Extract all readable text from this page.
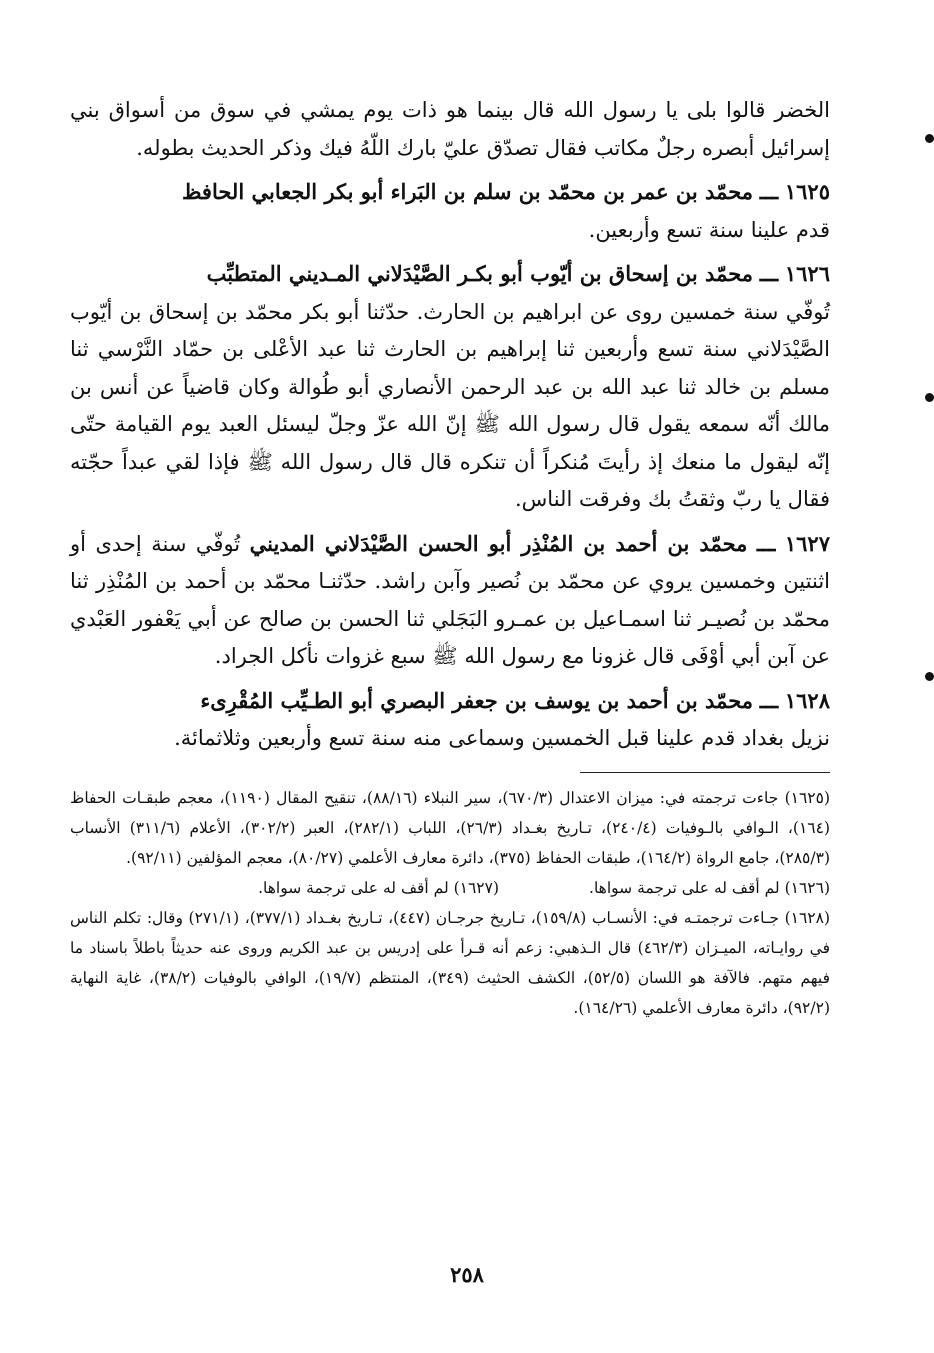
الخضر قالوا بلى يا رسول الله قال بينما هو ذات يوم يمشي في سوق من أسواق بني إسرائيل أبصره رجلٌ مكاتب فقال تصدّق عليّ بارك اللّهُ فيك وذكر الحديث بطوله.

١٦٢٥ ـــ محمّد بن عمر بن محمّد بن سلم بن البَراء أبو بكر الجعابي الحافظ
قدم علينا سنة تسع وأربعين.

١٦٢٦ ـــ محمّد بن إسحاق بن أيّوب أبو بكـر الصَّيْدَلاني المـديني المتطبِّب
تُوفّي سنة خمسين روى عن ابراهيم بن الحارث. حدّثنا أبو بكر محمّد بن إسحاق بن أيّوب الصَّيْدَلاني سنة تسع وأربعين ثنا إبراهيم بن الحارث ثنا عبد الأعْلى بن حمّاد النَّرْسي ثنا مسلم بن خالد ثنا عبد الله بن عبد الرحمن الأنصاري أبو طُوالة وكان قاضياً عن أنس بن مالك أنّه سمعه يقول قال رسول الله ﷺ إنّ الله عزّ وجلّ ليسئل العبد يوم القيامة حتّى إنّه ليقول ما منعك إذ رأيتَ مُنكراً أن تنكره قال قال رسول الله ﷺ فإذا لقي عبداً حجّته فقال يا ربّ وثقتُ بك وفرقت الناس.

١٦٢٧ ـــ محمّد بن أحمد بن المُنْذِر أبو الحسن الصَّيْدَلاني المديني تُوفّي سنة إحدى أو اثنتين وخمسين يروي عن محمّد بن نُصير وآبن راشد. حدّثنـا محمّد بن أحمد بن المُنْذِر ثنا محمّد بن نُصيـر ثنا اسمـاعيل بن عمـرو البَجَلي ثنا الحسن بن صالح عن أبي يَعْفور العَبْدي عن آبن أبي أوْفَى قال غزونا مع رسول الله ﷺ سبع غزوات نأكل الجراد.

١٦٢٨ ـــ محمّد بن أحمد بن يوسف بن جعفر البصري أبو الطـيِّب المُقْرِىء
نزيل بغداد قدم علينا قبل الخمسين وسماعى منه سنة تسع وأربعين وثلاثمائة.

(١٦٢٥) جاءت ترجمته في: ميزان الاعتدال (٦٧٠/٣)، سير النبلاء (٨٨/١٦)، تنقيح المقال (١١٩٠)، معجم طبقـات الحفاظ (١٦٤)، الـوافي بالـوفيات (٢٤٠/٤)، تـاريخ بغـداد (٢٦/٣)، اللباب (٢٨٢/١)، العبر (٣٠٢/٢)، الأعلام (٣١١/٦) الأنساب (٢٨٥/٣)، جامع الرواة (١٦٤/٢)، طبقات الحفاظ (٣٧٥)، دائرة معارف الأعلمي (٨٠/٢٧)، معجم المؤلفين (٩٢/١١).

(١٦٢٦) لم أقف له على ترجمة سواها.
(١٦٢٧) لم أقف له على ترجمة سواها.

(١٦٢٨) جـاءت ترجمتـه في: الأنسـاب (١٥٩/٨)، تـاريخ جرجـان (٤٤٧)، تـاريخ بغـداد (٣٧٧/١)، (٢٧١/١) وقال: تكلم الناس في روايـاته، الميـزان (٤٦٢/٣) قال الـذهبي: زعم أنه قـرأ على إدريس بن عبد الكريم وروى عنه حديثاً باطلاً باسناد ما فيهم متهم. فالآفة هو اللسان (٥٢/٥)، الكشف الحثيث (٣٤٩)، المنتظم (١٩/٧)، الوافي بالوفيات (٣٨/٢)، غاية النهاية (٩٢/٢)، دائرة معارف الأعلمي (١٦٤/٢٦).

٢٥٨
